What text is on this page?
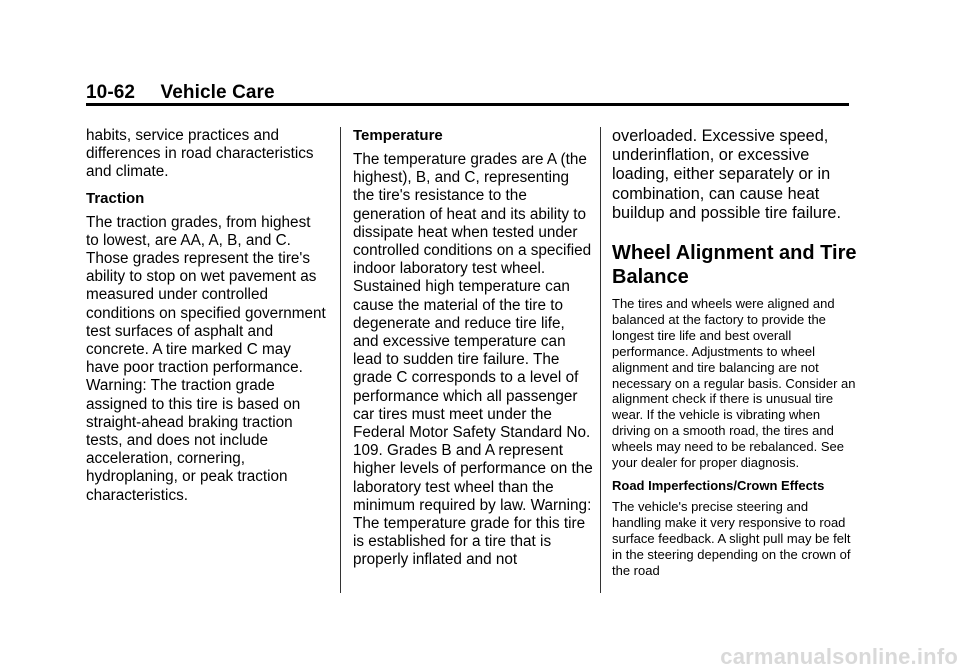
10-62 Vehicle Care

habits, service practices and differences in road characteristics and climate.

Traction

The traction grades, from highest to lowest, are AA, A, B, and C. Those grades represent the tire's ability to stop on wet pavement as measured under controlled conditions on specified government test surfaces of asphalt and concrete. A tire marked C may have poor traction performance. Warning: The traction grade assigned to this tire is based on straight-ahead braking traction tests, and does not include acceleration, cornering, hydroplaning, or peak traction characteristics.

Temperature

The temperature grades are A (the highest), B, and C, representing the tire's resistance to the generation of heat and its ability to dissipate heat when tested under controlled conditions on a specified indoor laboratory test wheel. Sustained high temperature can cause the material of the tire to degenerate and reduce tire life, and excessive temperature can lead to sudden tire failure. The grade C corresponds to a level of performance which all passenger car tires must meet under the Federal Motor Safety Standard No. 109. Grades B and A represent higher levels of performance on the laboratory test wheel than the minimum required by law. Warning: The temperature grade for this tire is established for a tire that is properly inflated and not

overloaded. Excessive speed, underinflation, or excessive loading, either separately or in combination, can cause heat buildup and possible tire failure.

Wheel Alignment and Tire Balance

The tires and wheels were aligned and balanced at the factory to provide the longest tire life and best overall performance. Adjustments to wheel alignment and tire balancing are not necessary on a regular basis. Consider an alignment check if there is unusual tire wear. If the vehicle is vibrating when driving on a smooth road, the tires and wheels may need to be rebalanced. See your dealer for proper diagnosis.

Road Imperfections/Crown Effects

The vehicle's precise steering and handling make it very responsive to road surface feedback. A slight pull may be felt in the steering depending on the crown of the road

carmanualsonline.info
